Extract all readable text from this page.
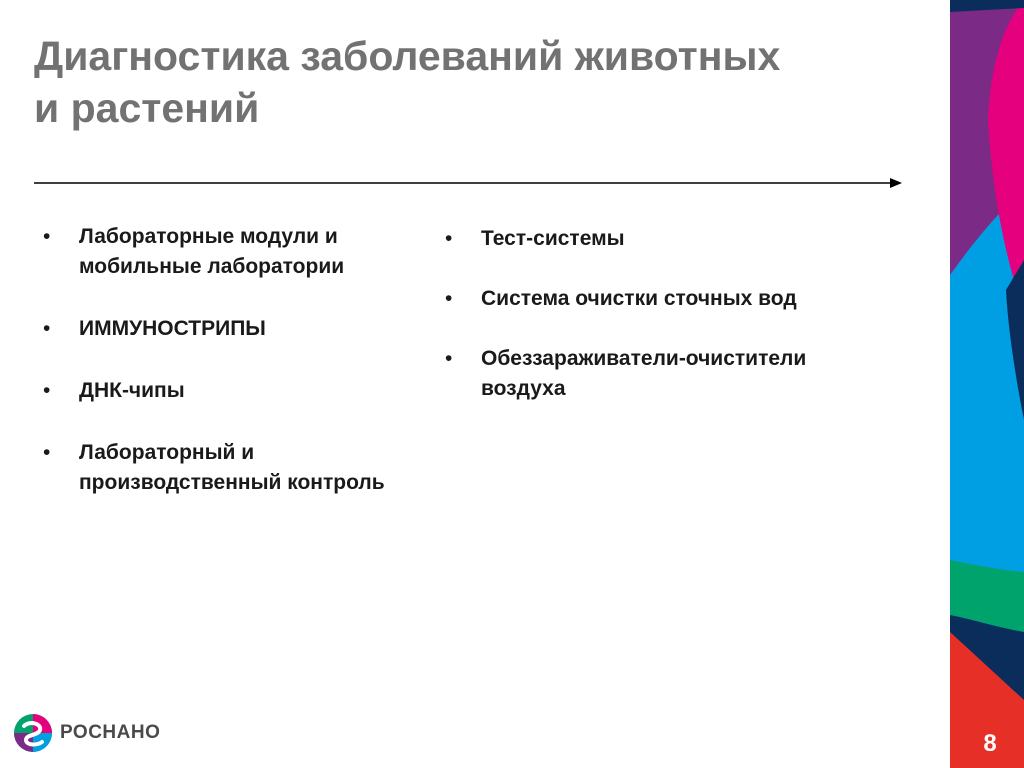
Диагностика заболеваний животных
и растений
• Лабораторные модули и
мобильные лаборатории
• ИММУНОСТРИПЫ
• ДНК-чипы
• Лабораторный и
производственный контроль
• Тест-системы
• Система очистки сточных вод
• Обеззараживатели-очистители
воздуха
8
РОСНАНО
